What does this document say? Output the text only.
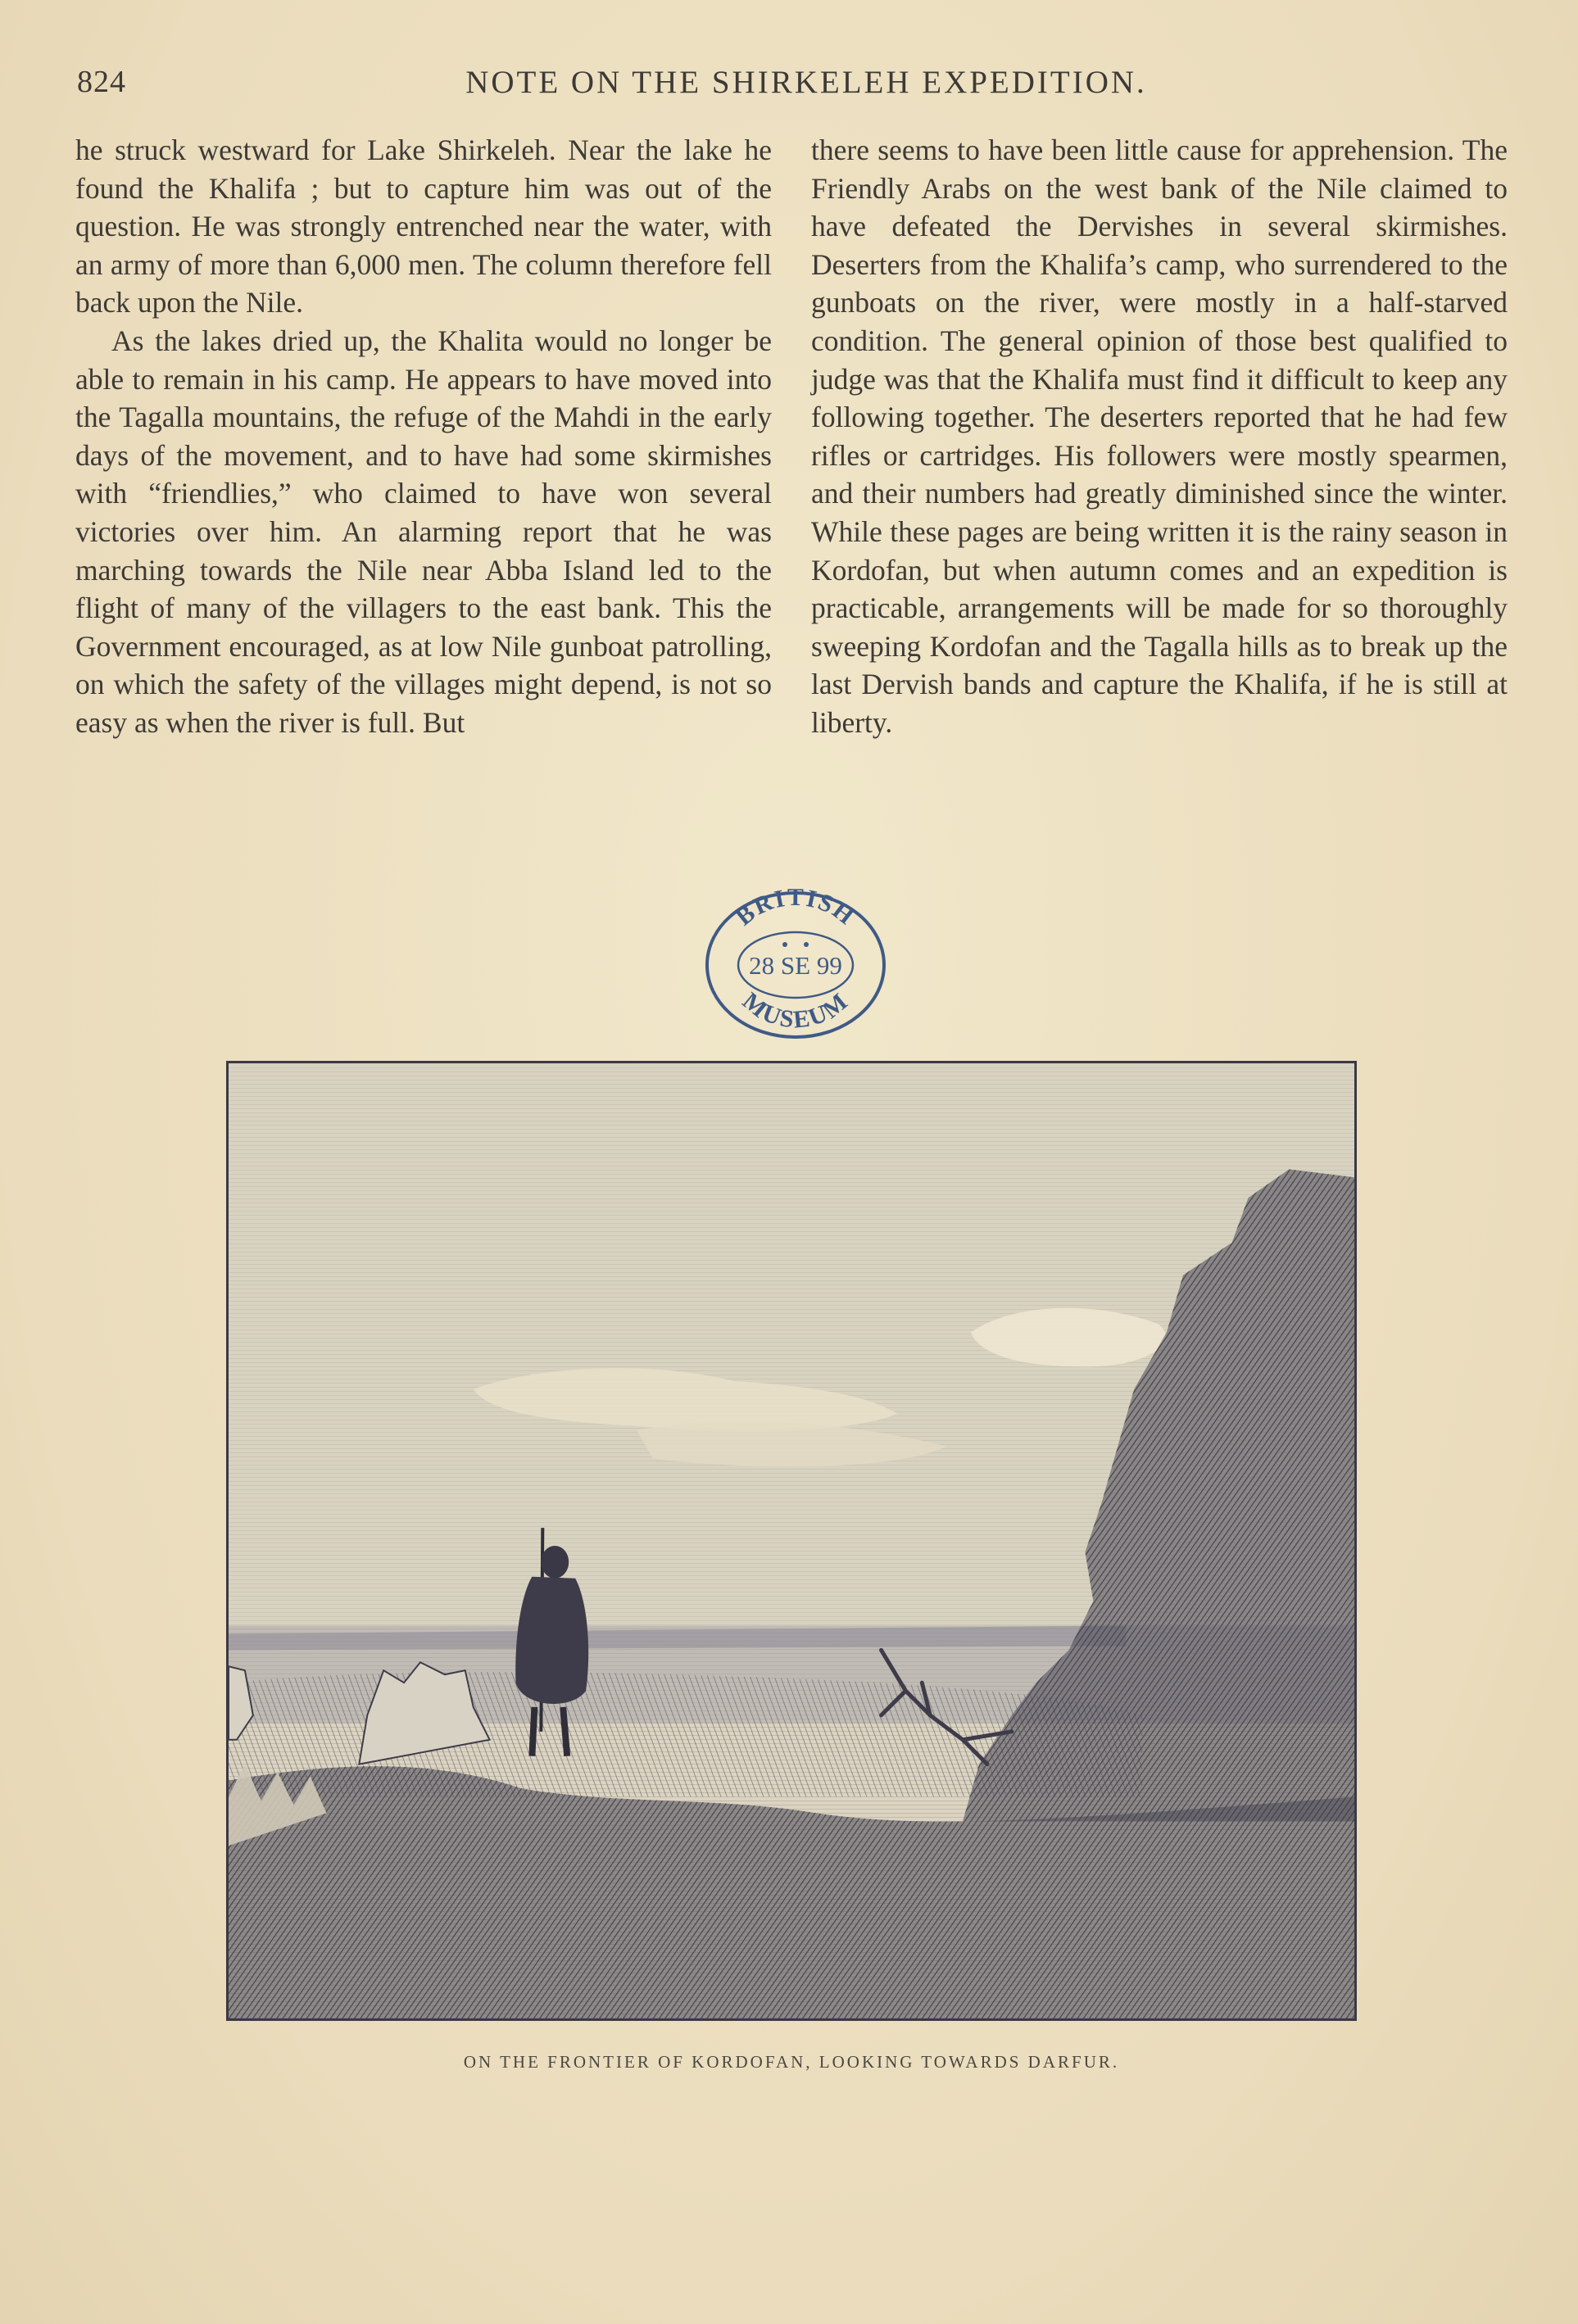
824	NOTE ON THE SHIRKELEH EXPEDITION.

he struck westward for Lake Shirkeleh. Near the lake he found the Khalifa ; but to capture him was out of the question. He was strongly entrenched near the water, with an army of more than 6,000 men. The column therefore fell back upon the Nile.

As the lakes dried up, the Khalita would no longer be able to remain in his camp. He appears to have moved into the Tagalla mountains, the refuge of the Mahdi in the early days of the movement, and to have had some skirmishes with “friendlies,” who claimed to have won several victories over him. An alarming report that he was marching towards the Nile near Abba Island led to the flight of many of the villagers to the east bank. This the Government encouraged, as at low Nile gunboat patrolling, on which the safety of the villages might depend, is not so easy as when the river is full. But

there seems to have been little cause for apprehension. The Friendly Arabs on the west bank of the Nile claimed to have defeated the Dervishes in several skirmishes. Deserters from the Khalifa’s camp, who surrendered to the gunboats on the river, were mostly in a half-starved condition. The general opinion of those best qualified to judge was that the Khalifa must find it difficult to keep any following together. The deserters reported that he had few rifles or cartridges. His followers were mostly spearmen, and their numbers had greatly diminished since the winter. While these pages are being written it is the rainy season in Kordofan, but when autumn comes and an expedition is practicable, arrangements will be made for so thoroughly sweeping Kordofan and the Tagalla hills as to break up the last Dervish bands and capture the Khalifa, if he is still at liberty.

BRITISH
MUSEUM
28 SE 99
ON THE FRONTIER OF KORDOFAN, LOOKING TOWARDS DARFUR.
